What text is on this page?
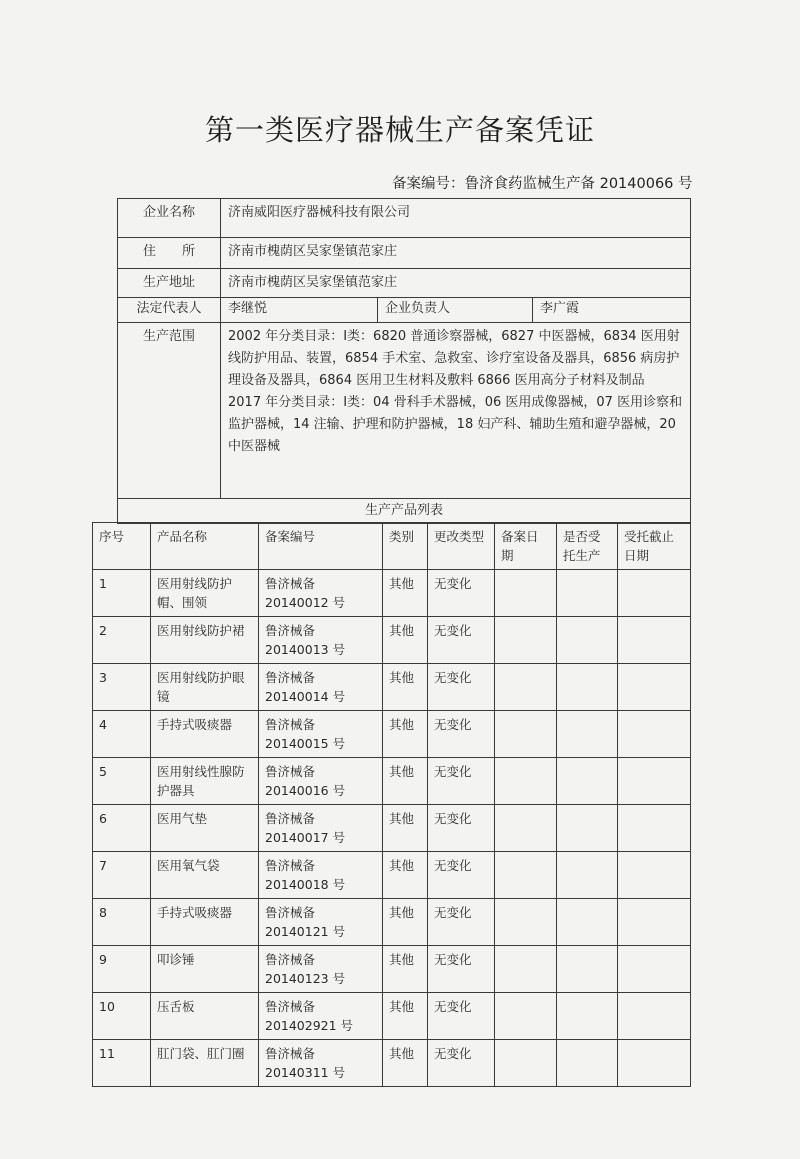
第一类医疗器械生产备案凭证
备案编号：鲁济食药监械生产备 20140066 号
企业名称	济南威阳医疗器械科技有限公司		
住　　所	济南市槐荫区吴家堡镇范家庄		
生产地址	济南市槐荫区吴家堡镇范家庄		
法定代表人	李继悦	企业负责人	李广霞
生产范围	2002 年分类目录：Ⅰ类：6820 普通诊察器械，6827 中医器械，6834 医用射线防护用品、装置，6854 手术室、急救室、诊疗室设备及器具，6856 病房护理设备及器具，6864 医用卫生材料及敷料 6866 医用高分子材料及制品
2017 年分类目录：Ⅰ类：04 骨科手术器械，06 医用成像器械，07 医用诊察和监护器械，14 注输、护理和防护器械，18 妇产科、辅助生殖和避孕器械，20 中医器械		

生产产品列表			
序号	产品名称	备案编号	类别	更改类型	备案日期	是否受托生产	受托截止日期
1	医用射线防护帽、围领	鲁济械备 20140012 号	其他	无变化			
2	医用射线防护裙	鲁济械备 20140013 号	其他	无变化			
3	医用射线防护眼镜	鲁济械备 20140014 号	其他	无变化			
4	手持式吸痰器	鲁济械备 20140015 号	其他	无变化			
5	医用射线性腺防护器具	鲁济械备 20140016 号	其他	无变化			
6	医用气垫	鲁济械备 20140017 号	其他	无变化			
7	医用氧气袋	鲁济械备 20140018 号	其他	无变化			
8	手持式吸痰器	鲁济械备 20140121 号	其他	无变化			
9	叩诊锤	鲁济械备 20140123 号	其他	无变化			
10	压舌板	鲁济械备 201402921 号	其他	无变化			
11	肛门袋、肛门圈	鲁济械备 20140311 号	其他	无变化			
